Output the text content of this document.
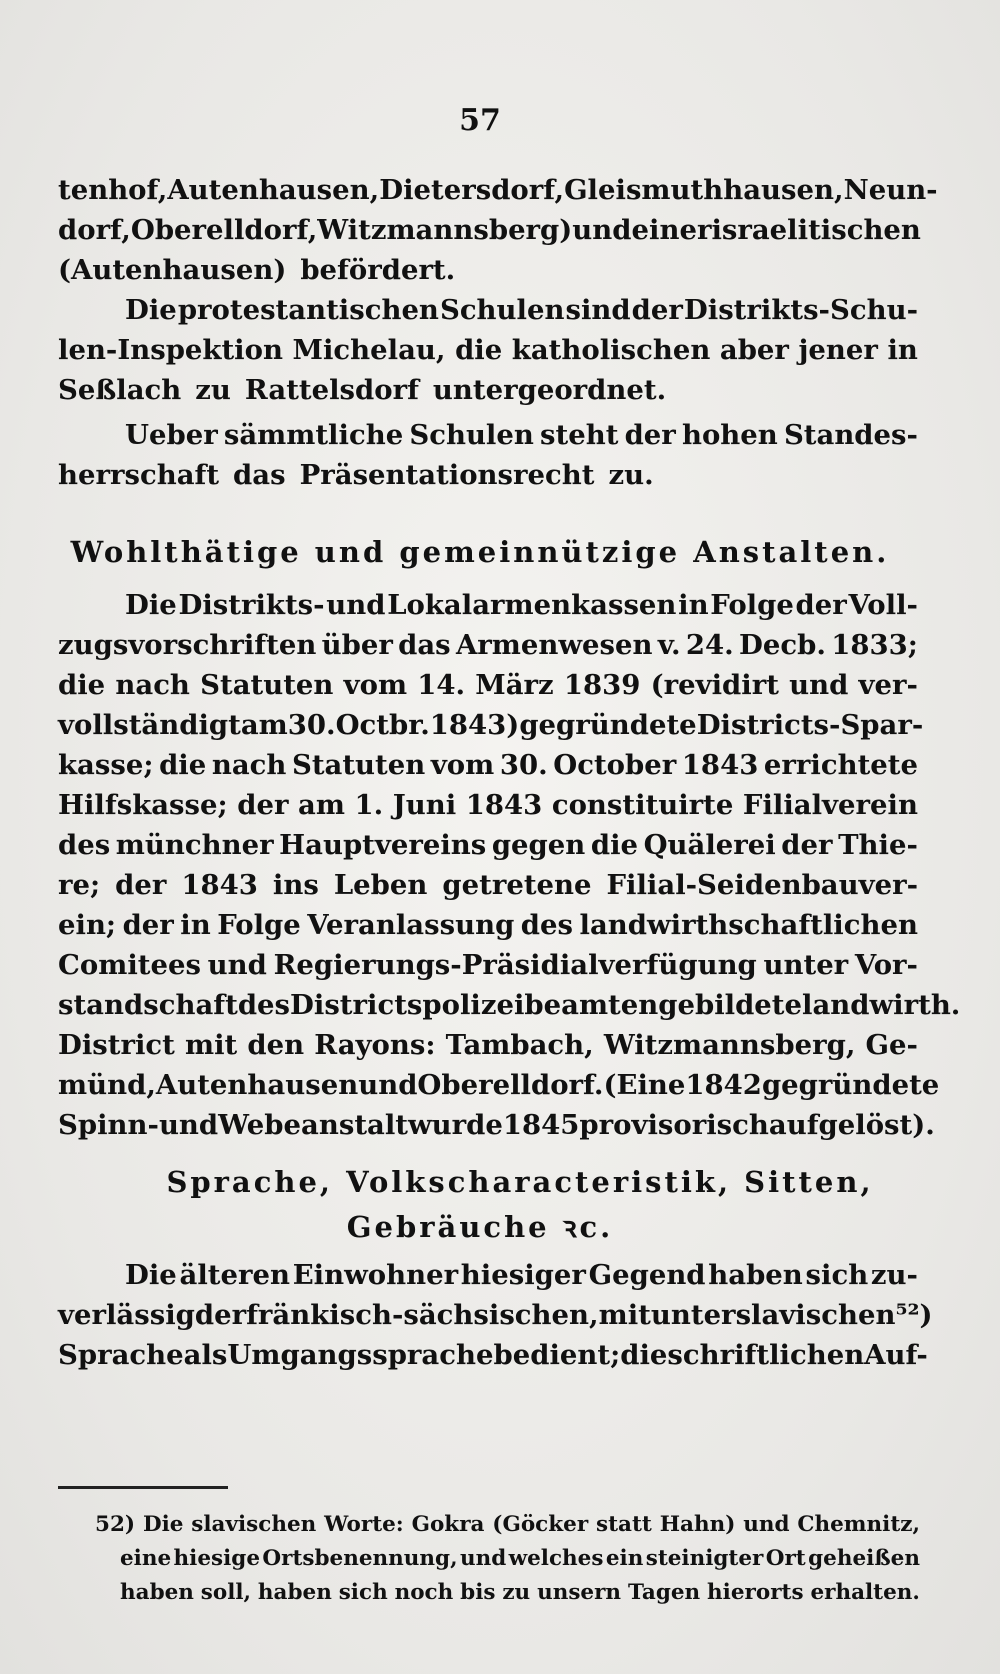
57
tenhof, Autenhausen, Dietersdorf, Gleismuthhausen, Neun-
dorf, Oberelldorf, Witzmannsberg) und einer israelitischen
(Autenhausen) befördert.
Die protestantischen Schulen sind der Distrikts-Schu-
len-Inspektion Michelau, die katholischen aber jener in
Seßlach zu Rattelsdorf untergeordnet.
Ueber sämmtliche Schulen steht der hohen Standes-
herrschaft das Präsentationsrecht zu.
Wohlthätige und gemeinnützige Anstalten.
Die Distrikts- und Lokalarmenkassen in Folge der Voll-
zugsvorschriften über das Armenwesen v. 24. Decb. 1833;
die nach Statuten vom 14. März 1839 (revidirt und ver-
vollständigt am 30. Octbr. 1843) gegründete Districts-Spar-
kasse; die nach Statuten vom 30. October 1843 errichtete
Hilfskasse; der am 1. Juni 1843 constituirte Filialverein
des münchner Hauptvereins gegen die Quälerei der Thie-
re; der 1843 ins Leben getretene Filial-Seidenbauver-
ein; der in Folge Veranlassung des landwirthschaftlichen
Comitees und Regierungs-Präsidialverfügung unter Vor-
standschaft des Districtspolizeibeamten gebildete landwirth.
District mit den Rayons: Tambach, Witzmannsberg, Ge-
münd, Autenhausen und Oberelldorf. (Eine 1842 gegründete
Spinn- und Webeanstalt wurde 1845 provisorisch aufgelöst).
Sprache, Volkscharacteristik, Sitten,
Gebräuche ꝛc.
Die älteren Einwohner hiesiger Gegend haben sich zu-
verlässig der fränkisch-sächsischen, mitunter slavischen ⁵²)
Sprache als Umgangssprache bedient; die schriftlichen Auf-
52) Die slavischen Worte: Gokra (Göcker statt Hahn) und Chemnitz,
eine hiesige Ortsbenennung, und welches ein steinigter Ort geheißen
haben soll, haben sich noch bis zu unsern Tagen hierorts erhalten.
